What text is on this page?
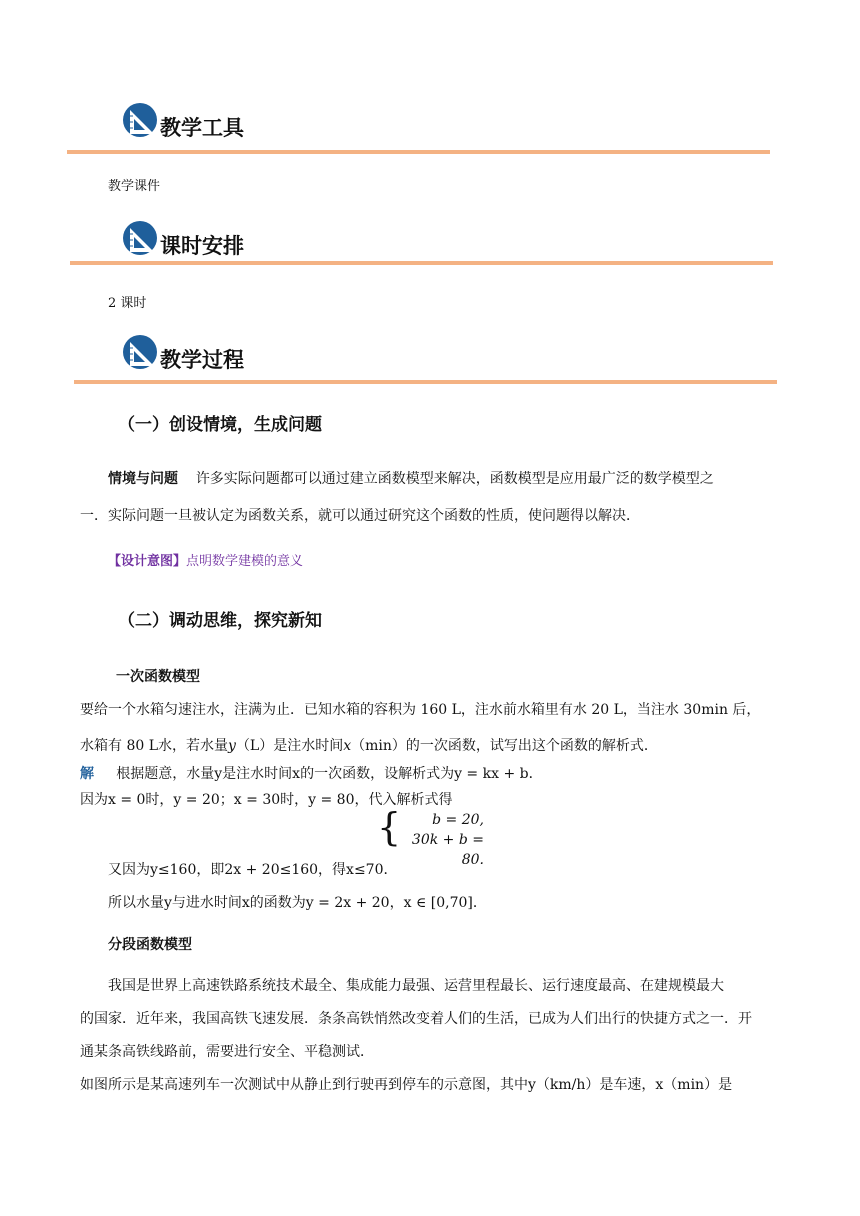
教学工具
教学课件
课时安排
2 课时
教学过程
（一）创设情境，生成问题
情境与问题 许多实际问题都可以通过建立函数模型来解决，函数模型是应用最广泛的数学模型之
一．实际问题一旦被认定为函数关系，就可以通过研究这个函数的性质，使问题得以解决．
【设计意图】点明数学建模的意义
（二）调动思维，探究新知
一次函数模型
要给一个水箱匀速注水，注满为止．已知水箱的容积为 160 L，注水前水箱里有水 20 L，当注水 30min 后，
水箱有 80 L水，若水量y（L）是注水时间x（min）的一次函数，试写出这个函数的解析式．
解 根据题意，水量y是注水时间x的一次函数，设解析式为y = kx + b．
因为x = 0时，y = 20；x = 30时，y = 80，代入解析式得
{	b = 20,
30k + b = 80.
又因为y≤160，即2x + 20≤160，得x≤70．
所以水量y与进水时间x的函数为y = 2x + 20，x ∈ [0,70]．
分段函数模型
我国是世界上高速铁路系统技术最全、集成能力最强、运营里程最长、运行速度最高、在建规模最大
的国家．近年来，我国高铁飞速发展．条条高铁悄然改变着人们的生活，已成为人们出行的快捷方式之一．开
通某条高铁线路前，需要进行安全、平稳测试．
如图所示是某高速列车一次测试中从静止到行驶再到停车的示意图，其中y（km/h）是车速，x（min）是
